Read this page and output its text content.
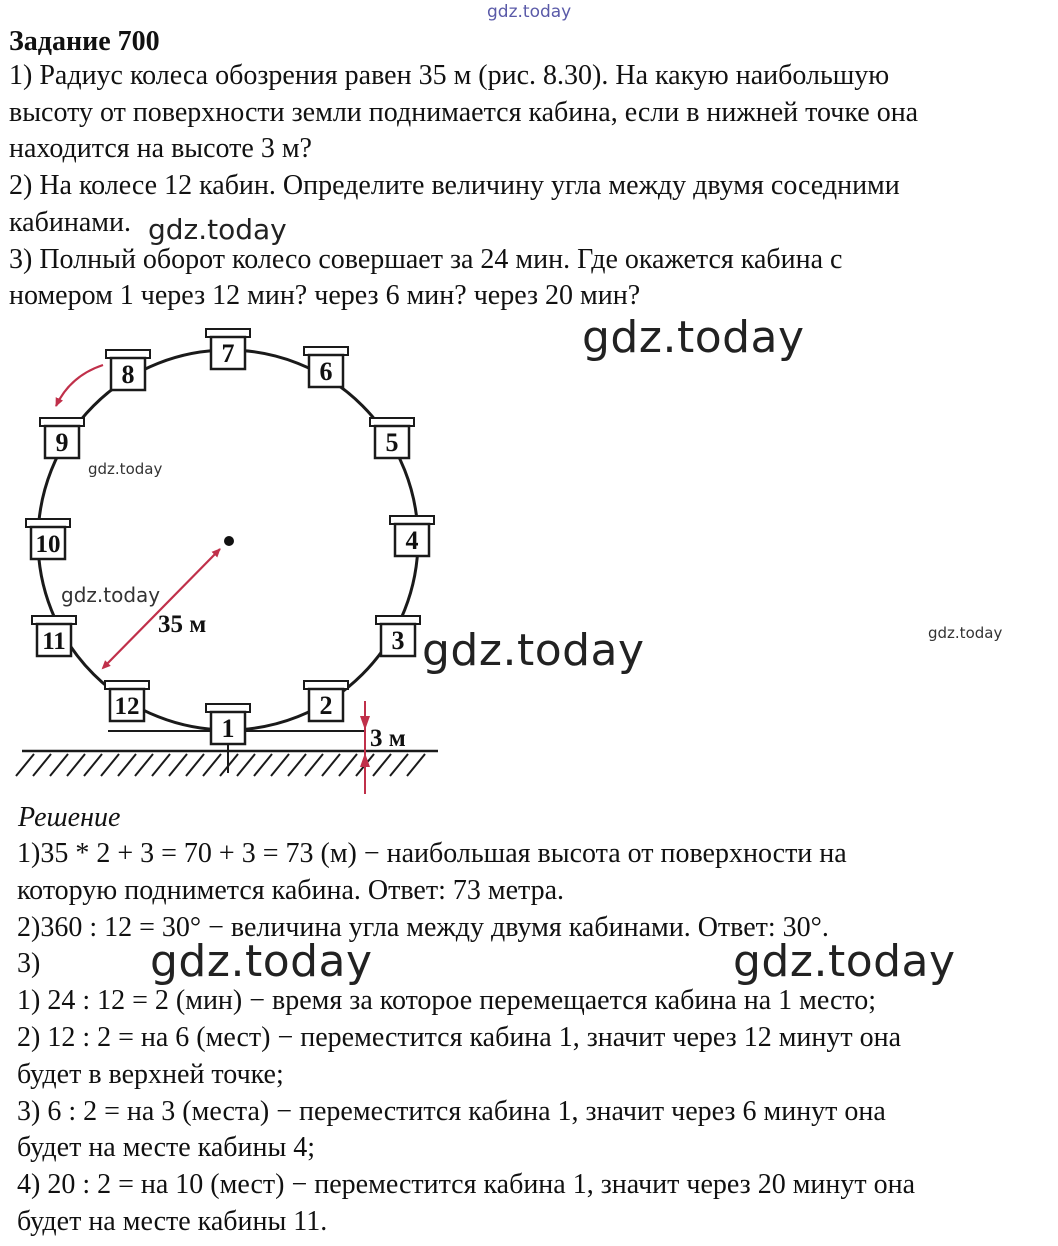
gdz.today

Задание 700

1) Радиус колеса обозрения равен 35 м (рис. 8.30). На какую наибольшую

высоту от поверхности земли поднимается кабина, если в нижней точке она

находится на высоте 3 м?

2) На колесе 12 кабин. Определите величину угла между двумя соседними

кабинами.

3) Полный оборот колесо совершает за 24 мин. Где окажется кабина с

номером 1 через 12 мин? через 6 мин? через 20 мин?

3 м
35 м
1
2
3
4
5
6
7
8
9
10
11
12
gdz.today
gdz.today
gdz.today
gdz.today
gdz.today	gdz.today

Решение

1)35 * 2 + 3 = 70 + 3 = 73 (м) − наибольшая высота от поверхности на

которую поднимется кабина. Ответ: 73 метра.

2)360 : 12 = 30° − величина угла между двумя кабинами. Ответ: 30°.

3)

1) 24 : 12 = 2 (мин) − время за которое перемещается кабина на 1 место;

2) 12 : 2 = на 6 (мест) − переместится кабина 1, значит через 12 минут она

будет в верхней точке;

3) 6 : 2 = на 3 (места) − переместится кабина 1, значит через 6 минут она

будет на месте кабины 4;

4) 20 : 2 = на 10 (мест) − переместится кабина 1, значит через 20 минут она

будет на месте кабины 11.

gdz.today	gdz.today
